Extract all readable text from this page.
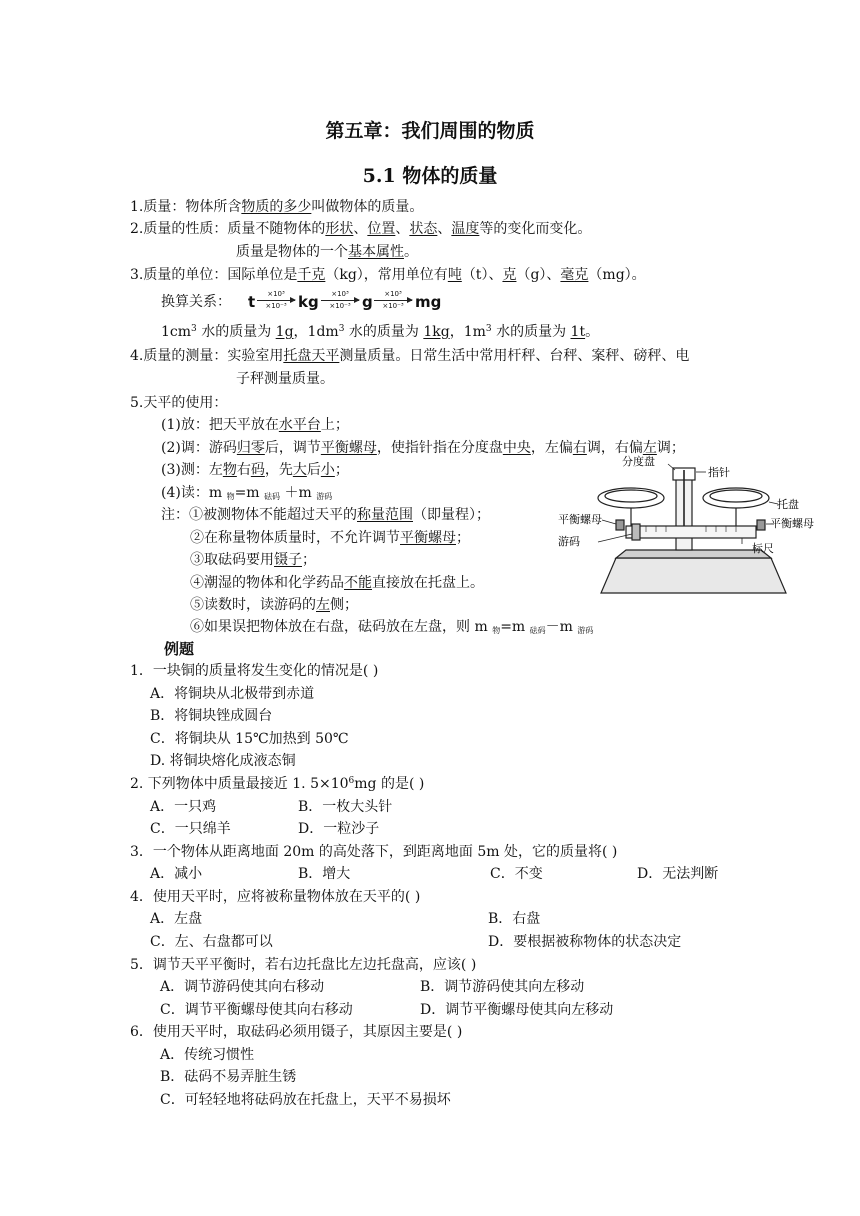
第五章：我们周围的物质
5.1 物体的质量
1.质量：物体所含物质的多少叫做物体的质量。
2.质量的性质：质量不随物体的形状、位置、状态、温度等的变化而变化。
质量是物体的一个基本属性。
3.质量的单位：国际单位是千克（kg），常用单位有吨（t）、克（g）、毫克（mg）。
换算关系： t	×10³
×10⁻³ kg	×10³
×10⁻³ g	×10³
×10⁻³ mg
$1cm^3$ 水的质量为 1g，$1dm^3$ 水的质量为 1kg，$1m^3$ 水的质量为 1t。
4.质量的测量：实验室用托盘天平测量质量。日常生活中常用杆秤、台秤、案秤、磅秤、电
子秤测量质量。
5.天平的使用：
(1)放：把天平放在水平台上；
(2)调：游码归零后，调节平衡螺母，使指针指在分度盘中央，左偏右调，右偏左调；
(3)测：左物右码，先大后小；
(4)读：m $_物$=m $_{砝码}$ ＋m $_{游码}$
注：①被测物体不能超过天平的称量范围（即量程）；
②在称量物体质量时，不允许调节平衡螺母；
③取砝码要用镊子；
④潮湿的物体和化学药品不能直接放在托盘上。
⑤读数时，读游码的左侧；
⑥如果误把物体放在右盘，砝码放在左盘，则 m $_物$=m $_{砝码}$－m $_{游码}$
分度盘
指针
托盘
平衡螺母
平衡螺母
游码
标尺
例题
1．一块铜的质量将发生变化的情况是( )
A．将铜块从北极带到赤道
B．将铜块锉成圆台
C．将铜块从 15℃加热到 50℃
D. 将铜块熔化成液态铜
2. 下列物体中质量最接近 1. $5\times 10^6mg$ 的是( )
A．一只鸡	B．一枚大头针
C．一只绵羊	D．一粒沙子
3．一个物体从距离地面 20m 的高处落下，到距离地面 5m 处，它的质量将( )
A．减小	B．增大	C．不变	D．无法判断
4．使用天平时，应将被称量物体放在天平的( )
A．左盘	B．右盘
C．左、右盘都可以	D．要根据被称物体的状态决定
5．调节天平平衡时，若右边托盘比左边托盘高，应该( )
A．调节游码使其向右移动	B．调节游码使其向左移动
C．调节平衡螺母使其向右移动	D．调节平衡螺母使其向左移动
6．使用天平时，取砝码必须用镊子，其原因主要是( )
A．传统习惯性
B．砝码不易弄脏生锈
C．可轻轻地将砝码放在托盘上，天平不易损坏
